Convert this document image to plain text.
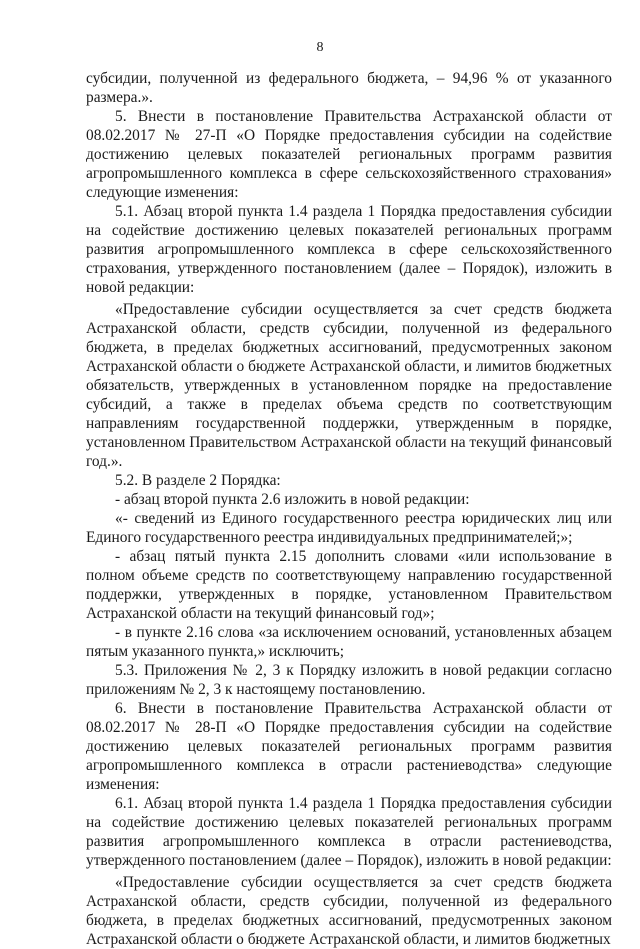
8

субсидии, полученной из федерального бюджета, – 94,96 % от указанного размера.».

5. Внести в постановление Правительства Астраханской области от 08.02.2017 № 27-П «О Порядке предоставления субсидии на содействие достижению целевых показателей региональных программ развития агропромышленного комплекса в сфере сельскохозяйственного страхования» следующие изменения:

5.1. Абзац второй пункта 1.4 раздела 1 Порядка предоставления субсидии на содействие достижению целевых показателей региональных программ развития агропромышленного комплекса в сфере сельскохозяйственного страхования, утвержденного постановлением (далее – Порядок), изложить в новой редакции:

«Предоставление субсидии осуществляется за счет средств бюджета Астраханской области, средств субсидии, полученной из федерального бюджета, в пределах бюджетных ассигнований, предусмотренных законом Астраханской области о бюджете Астраханской области, и лимитов бюджетных обязательств, утвержденных в установленном порядке на предоставление субсидий, а также в пределах объема средств по соответствующим направлениям государственной поддержки, утвержденным в порядке, установленном Правительством Астраханской области на текущий финансовый год.».

5.2. В разделе 2 Порядка:

- абзац второй пункта 2.6 изложить в новой редакции:

«- сведений из Единого государственного реестра юридических лиц или Единого государственного реестра индивидуальных предпринимателей;»;

- абзац пятый пункта 2.15 дополнить словами «или использование в полном объеме средств по соответствующему направлению государственной поддержки, утвержденных в порядке, установленном Правительством Астраханской области на текущий финансовый год»;

- в пункте 2.16 слова «за исключением оснований, установленных абзацем пятым указанного пункта,» исключить;

5.3. Приложения № 2, 3 к Порядку изложить в новой редакции согласно приложениям № 2, 3 к настоящему постановлению.

6. Внести в постановление Правительства Астраханской области от 08.02.2017 № 28-П «О Порядке предоставления субсидии на содействие достижению целевых показателей региональных программ развития агропромышленного комплекса в отрасли растениеводства» следующие изменения:

6.1. Абзац второй пункта 1.4 раздела 1 Порядка предоставления субсидии на содействие достижению целевых показателей региональных программ развития агропромышленного комплекса в отрасли растениеводства, утвержденного постановлением (далее – Порядок), изложить в новой редакции:

«Предоставление субсидии осуществляется за счет средств бюджета Астраханской области, средств субсидии, полученной из федерального бюджета, в пределах бюджетных ассигнований, предусмотренных законом Астраханской области о бюджете Астраханской области, и лимитов бюджетных
